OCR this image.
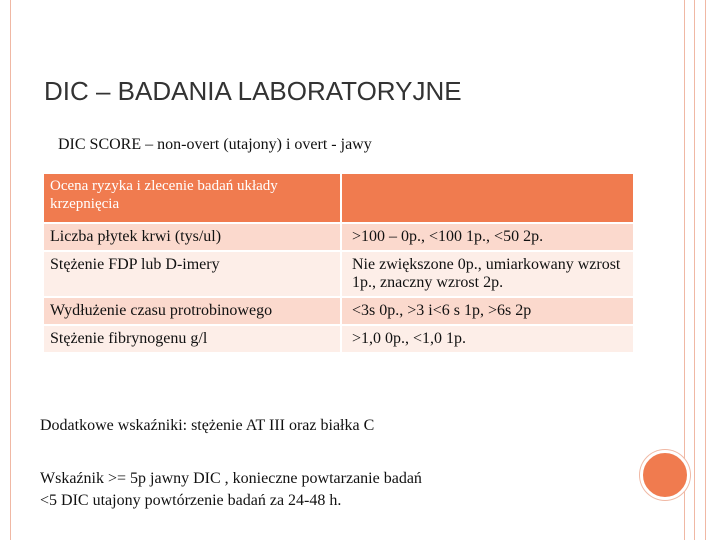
DIC – BADANIA LABORATORYJNE
DIC SCORE – non-overt (utajony) i overt - jawy
Ocena ryzyka i zlecenie badań układy krzepnięcia	
Liczba płytek krwi (tys/ul)	>100 – 0p., <100 1p., <50 2p.
Stężenie FDP lub D-imery	Nie zwiększone 0p., umiarkowany wzrost 1p., znaczny wzrost 2p.
Wydłużenie czasu protrobinowego	<3s 0p., >3 i<6 s 1p, >6s 2p
Stężenie fibrynogenu g/l	>1,0 0p., <1,0 1p.
Dodatkowe wskaźniki: stężenie AT III oraz białka C
Wskaźnik >= 5p jawny DIC , konieczne powtarzanie badań
<5 DIC utajony powtórzenie badań za 24-48 h.
